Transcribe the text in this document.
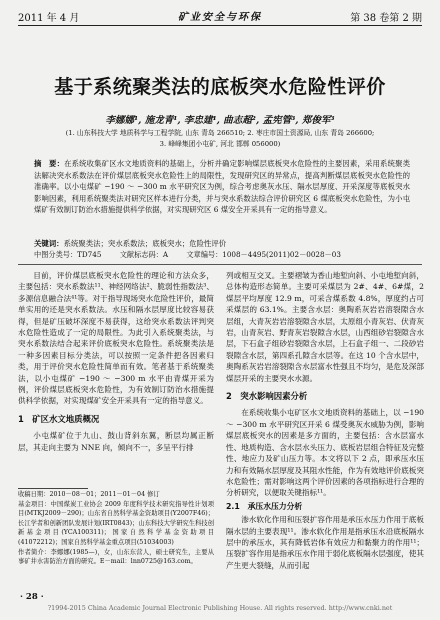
2011 年 4 月	矿业安全与环保	第 38 卷第 2 期
基于系统聚类法的底板突水危险性评价
李娜娜¹, 施龙青¹, 李忠建¹, 曲志超², 孟宪管³, 郑俊军³
(1. 山东科技大学 地质科学与工程学院, 山东 青岛 266510; 2. 枣庄市国土资源局, 山东 青岛 266600;
3. 峰峰集团小屯矿, 河北 邯郸 056000)
摘　要：在系统收集矿区水文地质资料的基础上，分析并确定影响煤层底板突水危险性的主要因素，采用系统聚类法解决突水系数法在评价煤层底板突水危险性上的局限性，发现研究区的异常点，提高判断煤层底板突水危险性的准确率。以小屯煤矿 −190 ～ −300 m 水平研究区为例，综合考虑奥灰水压、隔水层厚度、开采深度等底板突水影响因素，利用系统聚类法对研究区样本进行分类，并与突水系数法综合评价研究区 6 煤底板突水危险性，为小屯煤矿有效制订防治水措施提供科学依据，对实现研究区 6 煤安全开采具有一定的指导意义。
关键词：系统聚类法；突水系数法；底板突水；危险性评价
中图分类号：TD745	文献标志码：A	文章编号：1008－4495(2011)02－0028－03

目前，评价煤层底板突水危险性的理论和方法众多，主要包括：突水系数法¹¹、神经网络法²、脆弱性指数法³、多源信息融合法⁴¹等。对于指导现场突水危险性评价，最简单实用的还是突水系数法。水压和隔水层厚度比较容易获得，但是矿压破坏深度不易获得，这给突水系数法评判突水危险性造成了一定的局限性。为此引入系统聚类法，与突水系数法结合起来评价底板突水危险性。系统聚类法是一种多因素目标分类法，可以按照一定条件把各因素归类，用于评价突水危险性简单而有效。笔者基于系统聚类法，以小屯煤矿 −190 ～ −300 m 水平由青煤开采为例，评价煤层底板突水危险性，为有效制订防治水措施提供科学依据，对实现煤矿安全开采具有一定的指导意义。

1　矿区水文地质概况

小屯煤矿位于九山、鼓山背斜东翼，断层均属正断层，其走向主要为 NNE 向，倾向不一，多呈平行排

收稿日期：2010－08－01；2011－01－04 修订

基金项目：中国煤炭工业协会 2009 年度科学技术研究指导性计划项目(MTKJ2009－290)；山东省自然科学基金资助项目(Y2007F46)；长江学者和创新团队发展计划(IRT0843)；山东科技大学研究生科技创新基金项目(YCA100311)；国家自然科学基金资助项目(41072212)；国家自然科学基金重点项目(51034003)

作者简介：李娜娜(1985—)，女，山东东营人，硕士研究生，主要从事矿井水害防治方面的研究。E－mail：lnn0725@163.com。

列或相互交叉。主要褶皱为香山地堑向斜、小屯地堑向斜，总体构造形态简单。主要可采煤层为 2#、4#、6#煤，2 煤层平均厚度 12.9 m，可采含煤系数 4.8%，厚度约占可采煤层的 63.1%。主要含水层：奥陶系灰岩岩溶裂隙含水层组，大青灰岩岩溶裂隙含水层，太原组小青灰岩、伏青灰岩，山青灰岩、野青灰岩裂隙含水层，山西组砂岩裂隙含水层，下石盒子组砂岩裂隙含水层，上石盒子组一、二段砂岩裂隙含水层，第四系孔隙含水层等。在这 10 个含水层中，奥陶系灰岩岩溶裂隙含水层富水性强且不均匀，是危及深部煤层开采的主要突水水源。

2　突水影响因素分析

在系统收集小屯矿区水文地质资料的基础上，以 −190 ～ −300 m 水平研究区开采 6 煤受奥灰水威胁为例，影响煤层底板突水的因素是多方面的，主要包括：含水层富水性、地质构造、含水层水头压力、底板岩层组合特征及完整性、地应力及矿山压力等。本文将以下 2 点，即承压水压力和有效隔水层厚度及其阻水性能，作为有效地评价底板突水危险性；需对影响这两个评价因素的各项指标进行合理的分析研究，以便取关键指标¹¹。

2.1　承压水压力分析

渗水软化作用和压裂扩容作用是承压水压力作用于底板隔水层的主要表现¹¹。渗水软化作用是指承压水沿底板隔水层中的承压水，其有降低岩体有效应力和黏聚力的作用¹¹；压裂扩容作用是指承压水作用于弱化底板隔水层强度，使其产生更大裂缝，从而引起

· 28 ·
?1994-2015 China Academic Journal Electronic Publishing House. All rights reserved. http://www.cnki.net
